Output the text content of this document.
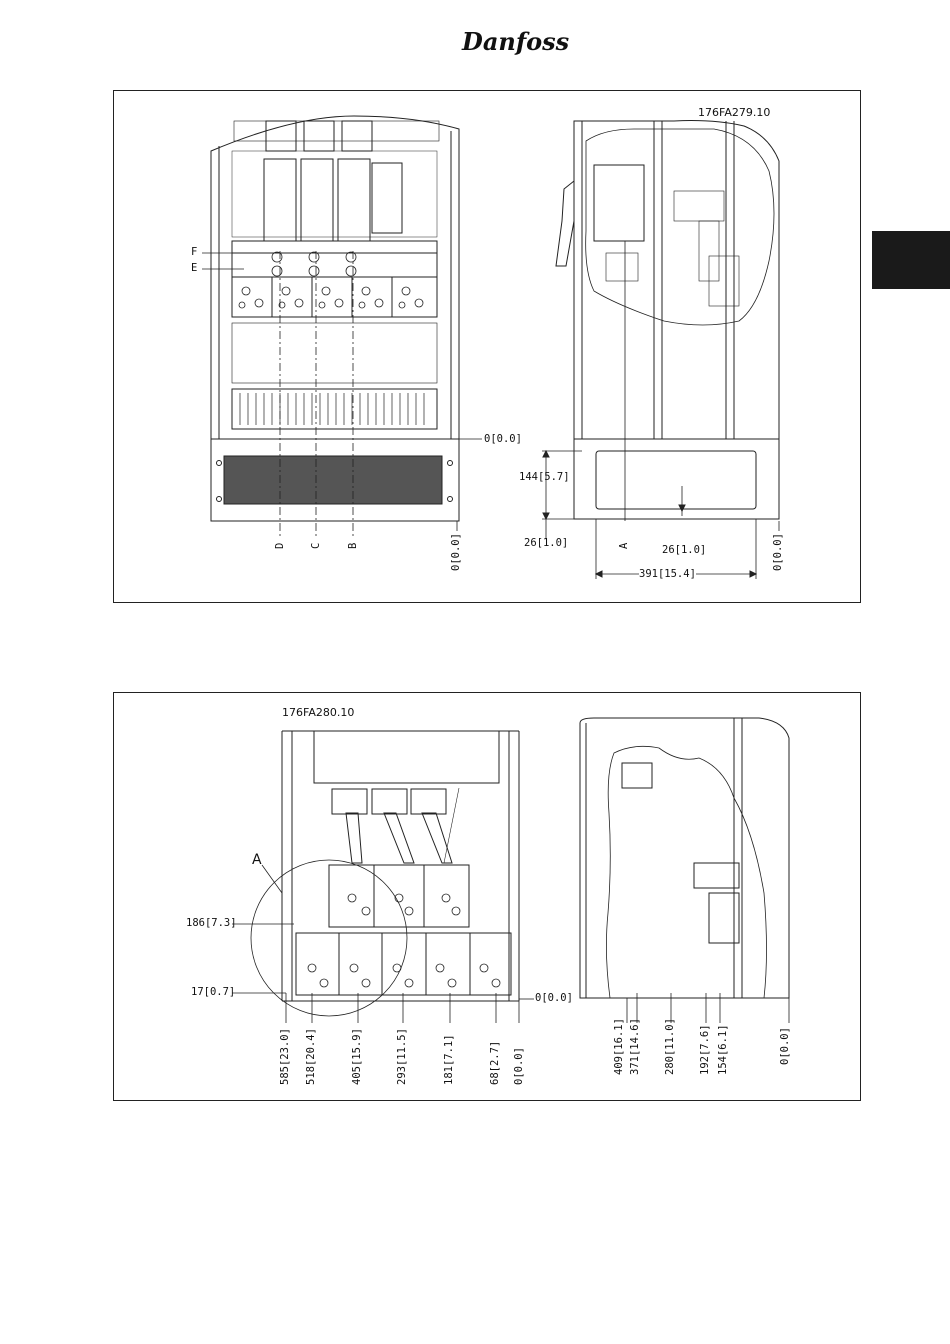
Danfoss
176FA279.10
F
E
D C B	A
0[0.0]
144[5.7]
26[1.0]
26[1.0]
391[15.4]
0[0.0]	0[0.0]
176FA280.10
A
186[7.3]
17[0.7]	0[0.0]
585[23.0] 518[20.4]	405[15.9]	293[11.5]	181[7.1]	68[2.7] 0[0.0]	409[16.1] 371[14.6] 280[11.0] 192[7.6] 154[6.1]	0[0.0]
